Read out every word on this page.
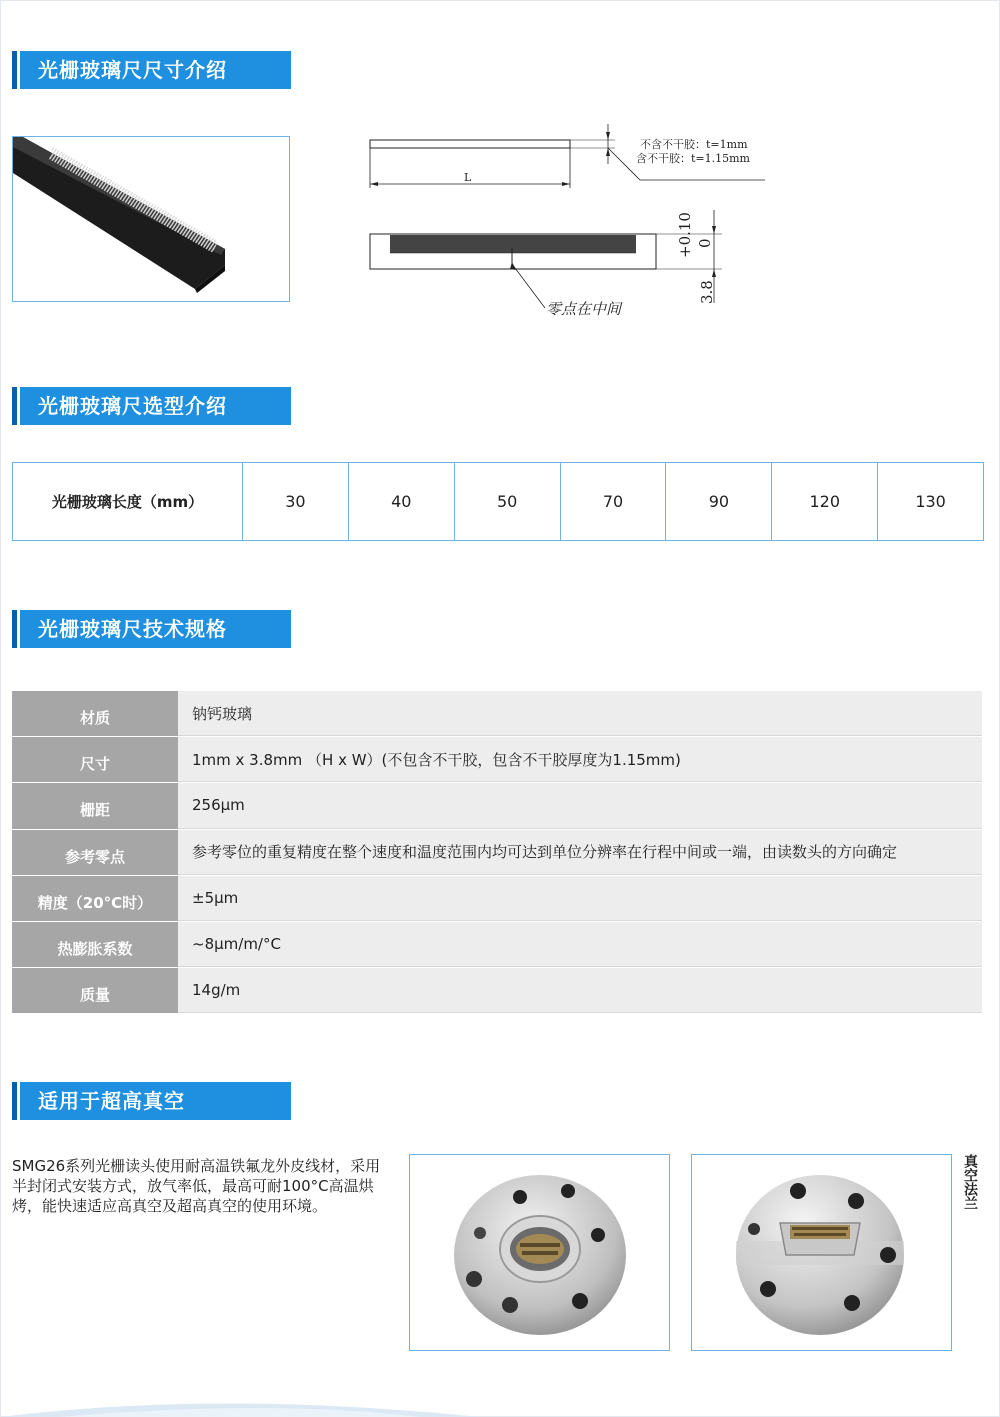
光栅玻璃尺尺寸介绍
L
不含不干胶：t=1mm
含不干胶：t=1.15mm
零点在中间
+0.10 0
3.8
光栅玻璃尺选型介绍
光栅玻璃长度（mm）	30	40	50	70	90	120	130
光栅玻璃尺技术规格
材质	钠钙玻璃
尺寸	1mm x 3.8mm （H x W）(不包含不干胶，包含不干胶厚度为1.15mm)
栅距	256μm
参考零点	参考零位的重复精度在整个速度和温度范围内均可达到单位分辨率在行程中间或一端，由读数头的方向确定
精度（20°C时）	±5μm
热膨胀系数	~8μm/m/°C
质量	14g/m
适用于超高真空
SMG26系列光栅读头使用耐高温铁氟龙外皮线材，采用半封闭式安装方式，放气率低，最高可耐100°C高温烘烤，能快速适应高真空及超高真空的使用环境。	真空法兰
